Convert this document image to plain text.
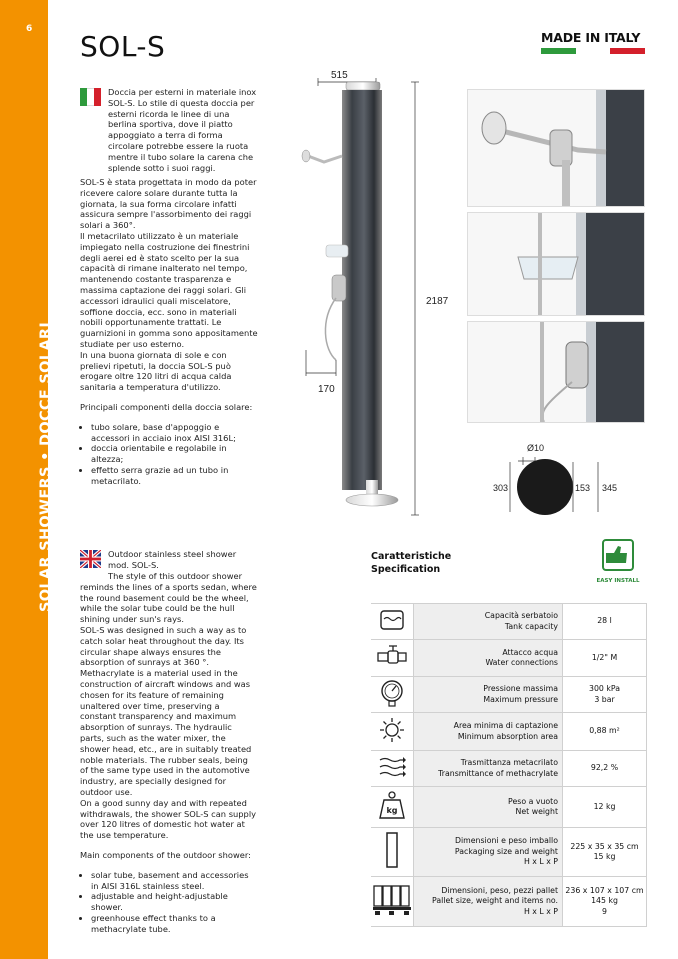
6
SOLAR SHOWERS • DOCCE SOLARI
SOL-S	MADE IN ITALY

Doccia per esterni in materiale inox SOL-S. Lo stile di questa doccia per esterni ricorda le linee di una berlina sportiva, dove il piatto appoggiato a terra di forma circolare potrebbe essere la ruota mentre il tubo solare la carena che splende sotto i suoi raggi.

SOL-S è stata progettata in modo da poter ricevere calore solare durante tutta la giornata, la sua forma circolare infatti assicura sempre l'assorbimento dei raggi solari a 360°.

Il metacrilato utilizzato è un materiale impiegato nella costruzione dei finestrini degli aerei ed è stato scelto per la sua capacità di rimane inalterato nel tempo, mantenendo costante trasparenza e massima captazione dei raggi solari. Gli accessori idraulici quali miscelatore, soffione doccia, ecc. sono in materiali nobili opportunamente trattati. Le guarnizioni in gomma sono appositamente studiate per uso esterno.

In una buona giornata di sole e con prelievi ripetuti, la doccia SOL-S può erogare oltre 120 litri di acqua calda sanitaria a temperatura d'utilizzo.

Principali componenti della doccia solare:

• tubo solare, base d'appoggio e accessori in acciaio inox AISI 316L;
• doccia orientabile e regolabile in altezza;
• effetto serra grazie ad un tubo in metacrilato.

Outdoor stainless steel shower mod. SOL-S.

The style of this outdoor shower reminds the lines of a sports sedan, where the round basement could be the wheel, while the solar tube could be the hull shining under sun's rays.

SOL-S was designed in such a way as to catch solar heat throughout the day. Its circular shape always ensures the absorption of sunrays at 360 °.

Methacrylate is a material used in the construction of aircraft windows and was chosen for its feature of remaining unaltered over time, preserving a constant transparency and maximum absorption of sunrays. The hydraulic parts, such as the water mixer, the shower head, etc., are in suitably treated noble materials. The rubber seals, being of the same type used in the automotive industry, are specially designed for outdoor use.

On a good sunny day and with repeated withdrawals, the shower SOL-S can supply over 120 litres of domestic hot water at the use temperature.

Main components of the outdoor shower:

• solar tube, basement and accessories in AISI 316L stainless steel.
• adjustable and height-adjustable shower.
• greenhouse effect thanks to a methacrylate tube.
515
2187
170
Ø10
303	153 345
Caratteristiche
Specification
EASY INSTALL

Capacità serbatoio
Tank capacity	28 l

Attacco acqua
Water connections	1/2" M

Pressione massima
Maximum pressure	300 kPa
3 bar

Area minima di captazione
Minimum absorption area	0,88 m²

Trasmittanza metacrilato
Transmittance of methacrylate	92,2 %

kg	Peso a vuoto
Net weight	12 kg

Dimensioni e peso imballo
Packaging size and weight
H x L x P	225 x 35 x 35 cm
15 kg

Dimensioni, peso, pezzi pallet
Pallet size, weight and items no.
H x L x P	236 x 107 x 107 cm
145 kg
9
